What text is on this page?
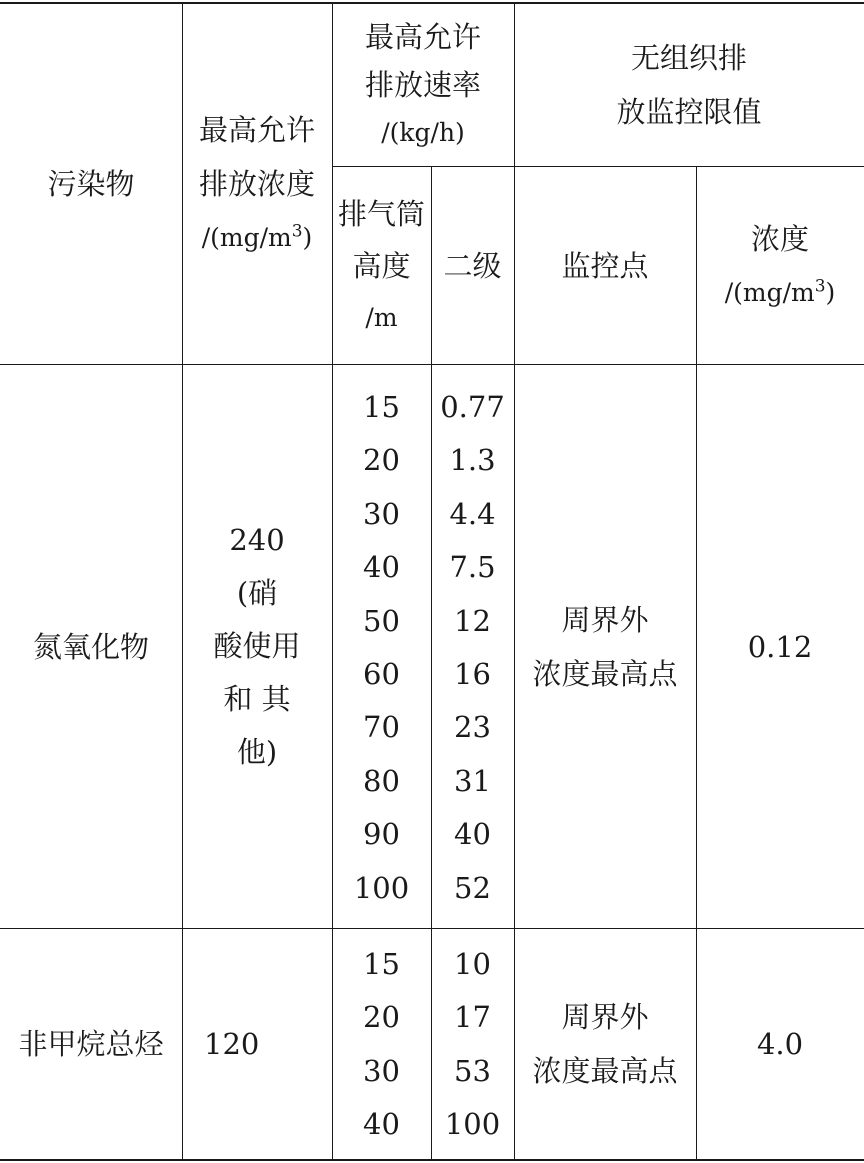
污染物
最高允许
排放浓度
$/(mg/m^3)$
最高允许
排放速率
/(kg/h)
无组织排
放监控限值
排气筒
高度
/m
二级 监控点
浓度
$/(mg/m^3)$
氮氧化物
240
(硝
酸使用
和 其
他)
15
20
30
40
50
60
70
80
90
100
0.77
1.3
4.4
7.5
12
16
23
31
40
52
周界外
浓度最高点
0.12
非甲烷总烃 120
15
20
30
40
10
17
53
100
周界外
浓度最高点
4.0
